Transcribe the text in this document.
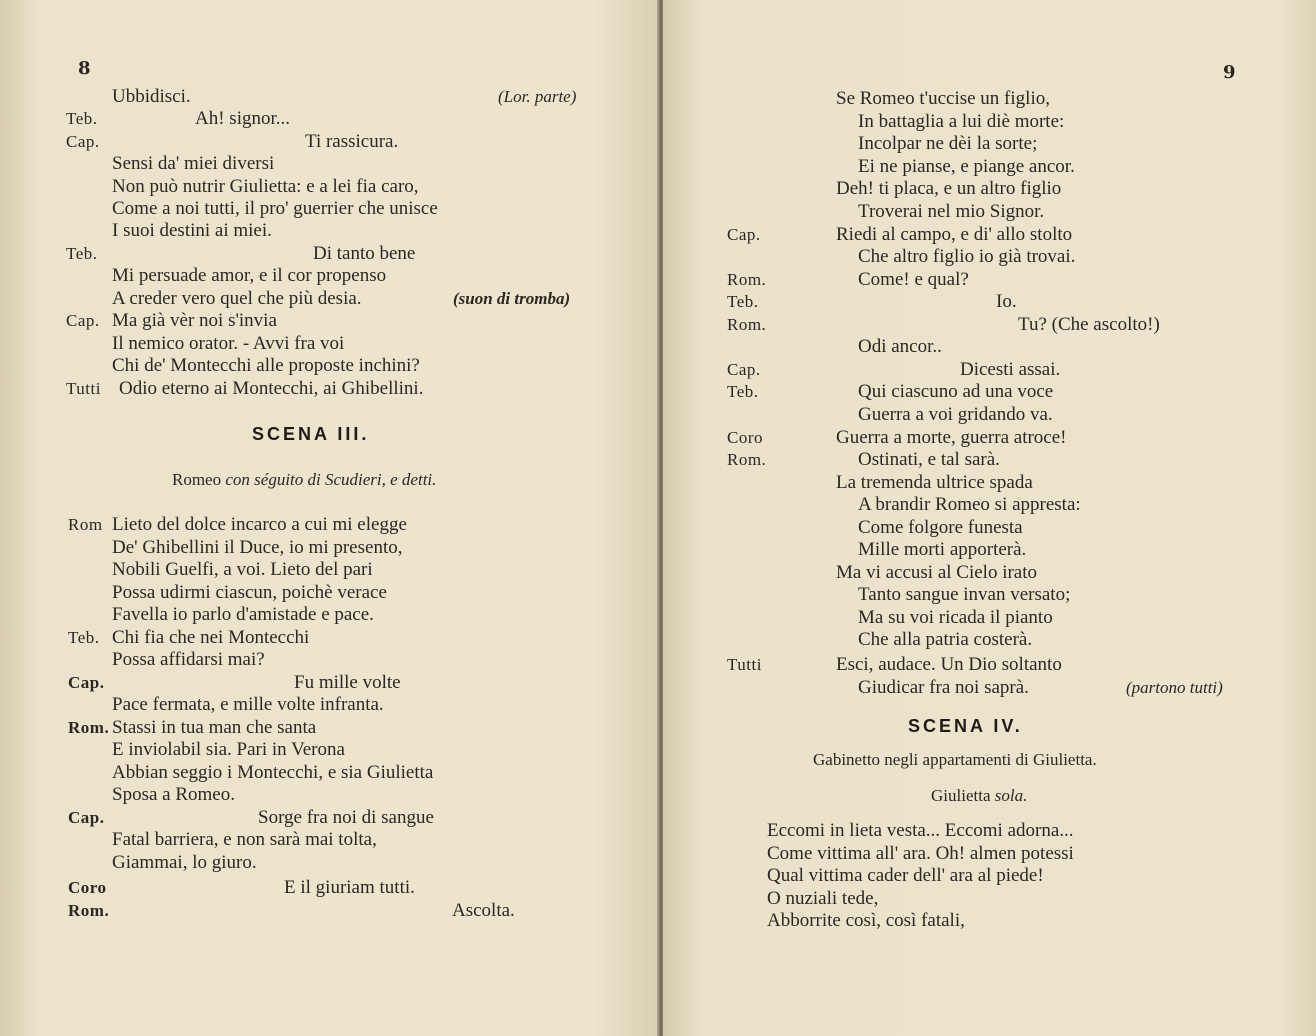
8
Ubbidisci.	(Lor. parte)
Teb.	Ah! signor...
Cap.	Ti rassicura.
Sensi da' miei diversi
Non può nutrir Giulietta: e a lei fia caro,
Come a noi tutti, il pro' guerrier che unisce
I suoi destini ai miei.
Teb.	Di tanto bene
Mi persuade amor, e il cor propenso
A creder vero quel che più desia.	(suon di tromba)
Cap. Ma già vèr noi s'invia
Il nemico orator. - Avvi fra voi
Chi de' Montecchi alle proposte inchini?
Tutti Odio eterno ai Montecchi, ai Ghibellini.
SCENA III.
Romeo con séguito di Scudieri, e detti.
Rom Lieto del dolce incarco a cui mi elegge
De' Ghibellini il Duce, io mi presento,
Nobili Guelfi, a voi. Lieto del pari
Possa udirmi ciascun, poichè verace
Favella io parlo d'amistade e pace.
Teb. Chi fia che nei Montecchi
Possa affidarsi mai?
Cap.	Fu mille volte
Pace fermata, e mille volte infranta.
Rom. Stassi in tua man che santa
E inviolabil sia. Pari in Verona
Abbian seggio i Montecchi, e sia Giulietta
Sposa a Romeo.
Cap.	Sorge fra noi di sangue
Fatal barriera, e non sarà mai tolta,
Giammai, lo giuro.
Coro	E il giuriam tutti.
Rom.	Ascolta.
9
Se Romeo t'uccise un figlio,
In battaglia a lui diè morte:
Incolpar ne dèi la sorte;
Ei ne pianse, e piange ancor.
Deh! ti placa, e un altro figlio
Troverai nel mio Signor.
Cap.	Riedi al campo, e di' allo stolto
Che altro figlio io già trovai.
Rom.	Come! e qual?
Teb.	Io.
Rom.	Tu? (Che ascolto!)
Odi ancor..
Cap.	Dicesti assai.
Teb.	Qui ciascuno ad una voce
Guerra a voi gridando va.
Coro	Guerra a morte, guerra atroce!
Rom.	Ostinati, e tal sarà.
La tremenda ultrice spada
A brandir Romeo si appresta:
Come folgore funesta
Mille morti apporterà.
Ma vi accusi al Cielo irato
Tanto sangue invan versato;
Ma su voi ricada il pianto
Che alla patria costerà.
Tutti	Esci, audace. Un Dio soltanto
Giudicar fra noi saprà.	(partono tutti)
SCENA IV.
Gabinetto negli appartamenti di Giulietta.
Giulietta sola.
Eccomi in lieta vesta... Eccomi adorna...
Come vittima all' ara. Oh! almen potessi
Qual vittima cader dell' ara al piede!
O nuziali tede,
Abborrite così, così fatali,
